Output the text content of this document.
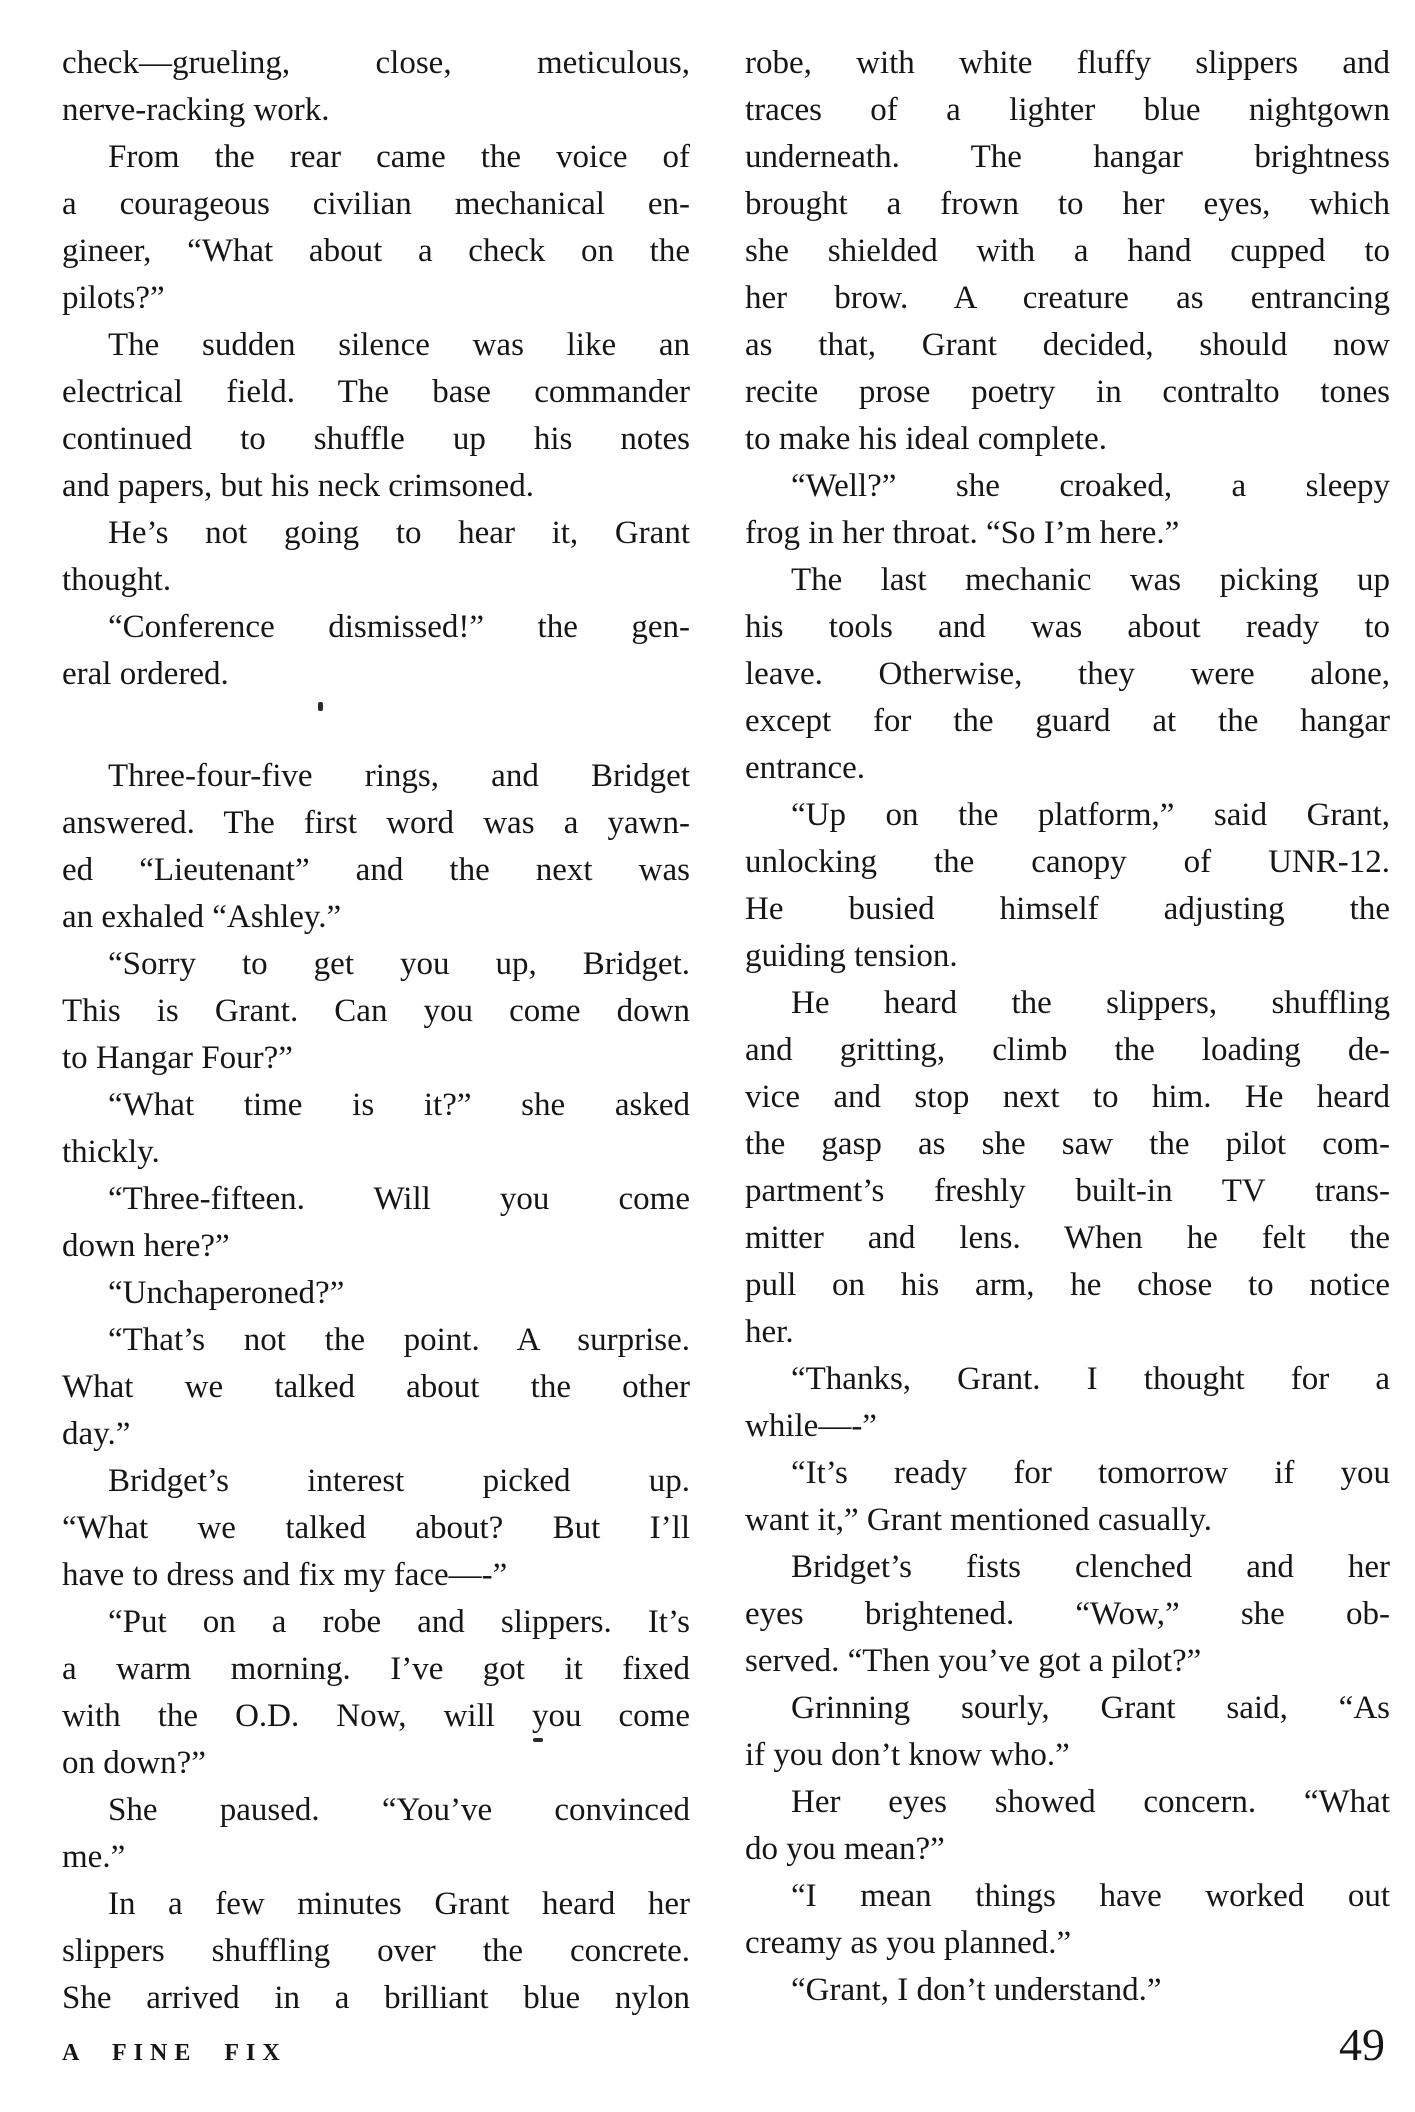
check—grueling, close, meticulous,
nerve-racking work.
From the rear came the voice of
a courageous civilian mechanical en-
gineer, “What about a check on the
pilots?”
The sudden silence was like an
electrical field. The base commander
continued to shuffle up his notes
and papers, but his neck crimsoned.
He’s not going to hear it, Grant
thought.
“Conference dismissed!” the gen-
eral ordered.
Three-four-five rings, and Bridget
answered. The first word was a yawn-
ed “Lieutenant” and the next was
an exhaled “Ashley.”
“Sorry to get you up, Bridget.
This is Grant. Can you come down
to Hangar Four?”
“What time is it?” she asked
thickly.
“Three-fifteen. Will you come
down here?”
“Unchaperoned?”
“That’s not the point. A surprise.
What we talked about the other
day.”
Bridget’s interest picked up.
“What we talked about? But I’ll
have to dress and fix my face—-”
“Put on a robe and slippers. It’s
a warm morning. I’ve got it fixed
with the O.D. Now, will you come
on down?”
She paused. “You’ve convinced
me.”
In a few minutes Grant heard her
slippers shuffling over the concrete.
She arrived in a brilliant blue nylon
robe, with white fluffy slippers and
traces of a lighter blue nightgown
underneath. The hangar brightness
brought a frown to her eyes, which
she shielded with a hand cupped to
her brow. A creature as entrancing
as that, Grant decided, should now
recite prose poetry in contralto tones
to make his ideal complete.
“Well?” she croaked, a sleepy
frog in her throat. “So I’m here.”
The last mechanic was picking up
his tools and was about ready to
leave. Otherwise, they were alone,
except for the guard at the hangar
entrance.
“Up on the platform,” said Grant,
unlocking the canopy of UNR-12.
He busied himself adjusting the
guiding tension.
He heard the slippers, shuffling
and gritting, climb the loading de-
vice and stop next to him. He heard
the gasp as she saw the pilot com-
partment’s freshly built-in TV trans-
mitter and lens. When he felt the
pull on his arm, he chose to notice
her.
“Thanks, Grant. I thought for a
while—-”
“It’s ready for tomorrow if you
want it,” Grant mentioned casually.
Bridget’s fists clenched and her
eyes brightened. “Wow,” she ob-
served. “Then you’ve got a pilot?”
Grinning sourly, Grant said, “As
if you don’t know who.”
Her eyes showed concern. “What
do you mean?”
“I mean things have worked out
creamy as you planned.”
“Grant, I don’t understand.”
A FINE FIX	49
